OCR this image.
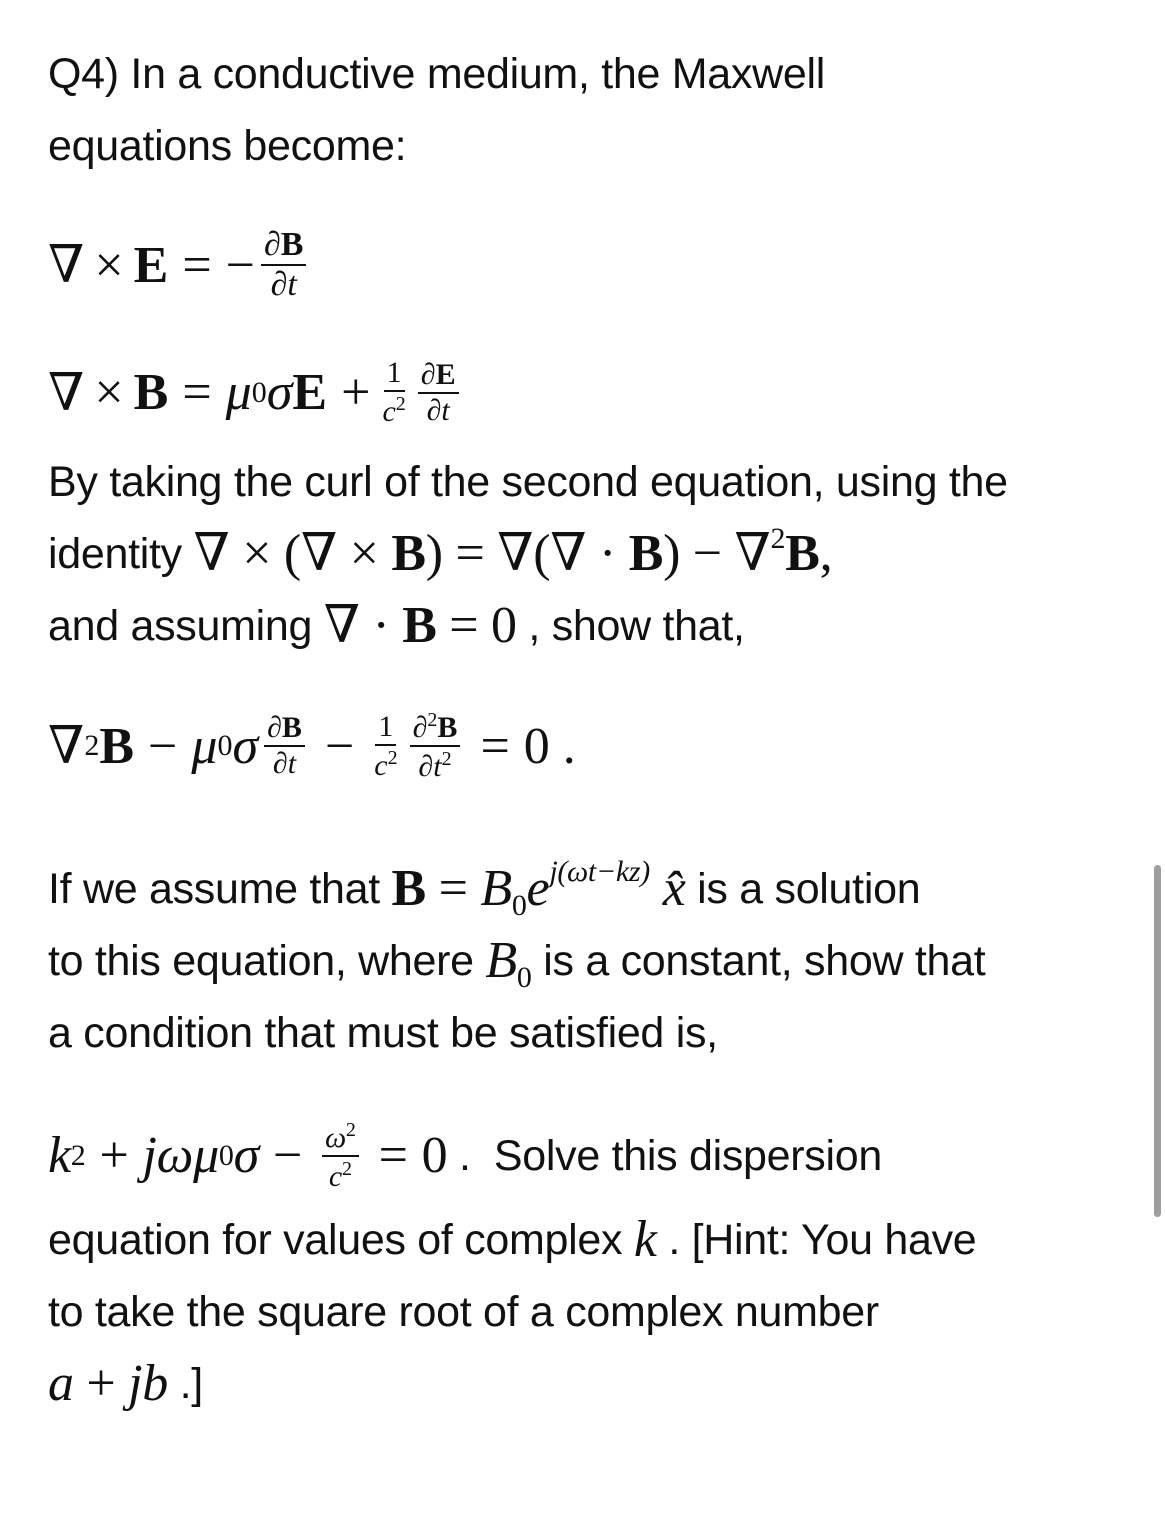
Q4) In a conductive medium, the Maxwell
equations become:
∇ × E = − $\frac{\partial B}{\partial t}$
∇ × B = μ 0 σ $E + \frac{1}{c^2} \frac{\partial E}{\partial t}$
By taking the curl of the second equation, using the
identity ∇ × (∇ × B) = ∇(∇ · B) − ∇$^2$B,
and assuming ∇ · B = 0 , show that,
∇ 2 B − μ 0 σ $\frac{\partial B}{\partial t} - \frac{1}{c^2} \frac{\partial^2B}{\partial t^2} = 0$ .
If we assume that $B = B_0e^{j(\omega t-kz)}$ x̂ is a solution
to this equation, where $B_0$ is a constant, show that
a condition that must be satisfied is,
k 2 + jωμ 0 $\sigma - \frac{\omega^2}{c^2} = 0$ .  Solve this dispersion
equation for values of complex k . [Hint: You have
to take the square root of a complex number
a + jb .]
